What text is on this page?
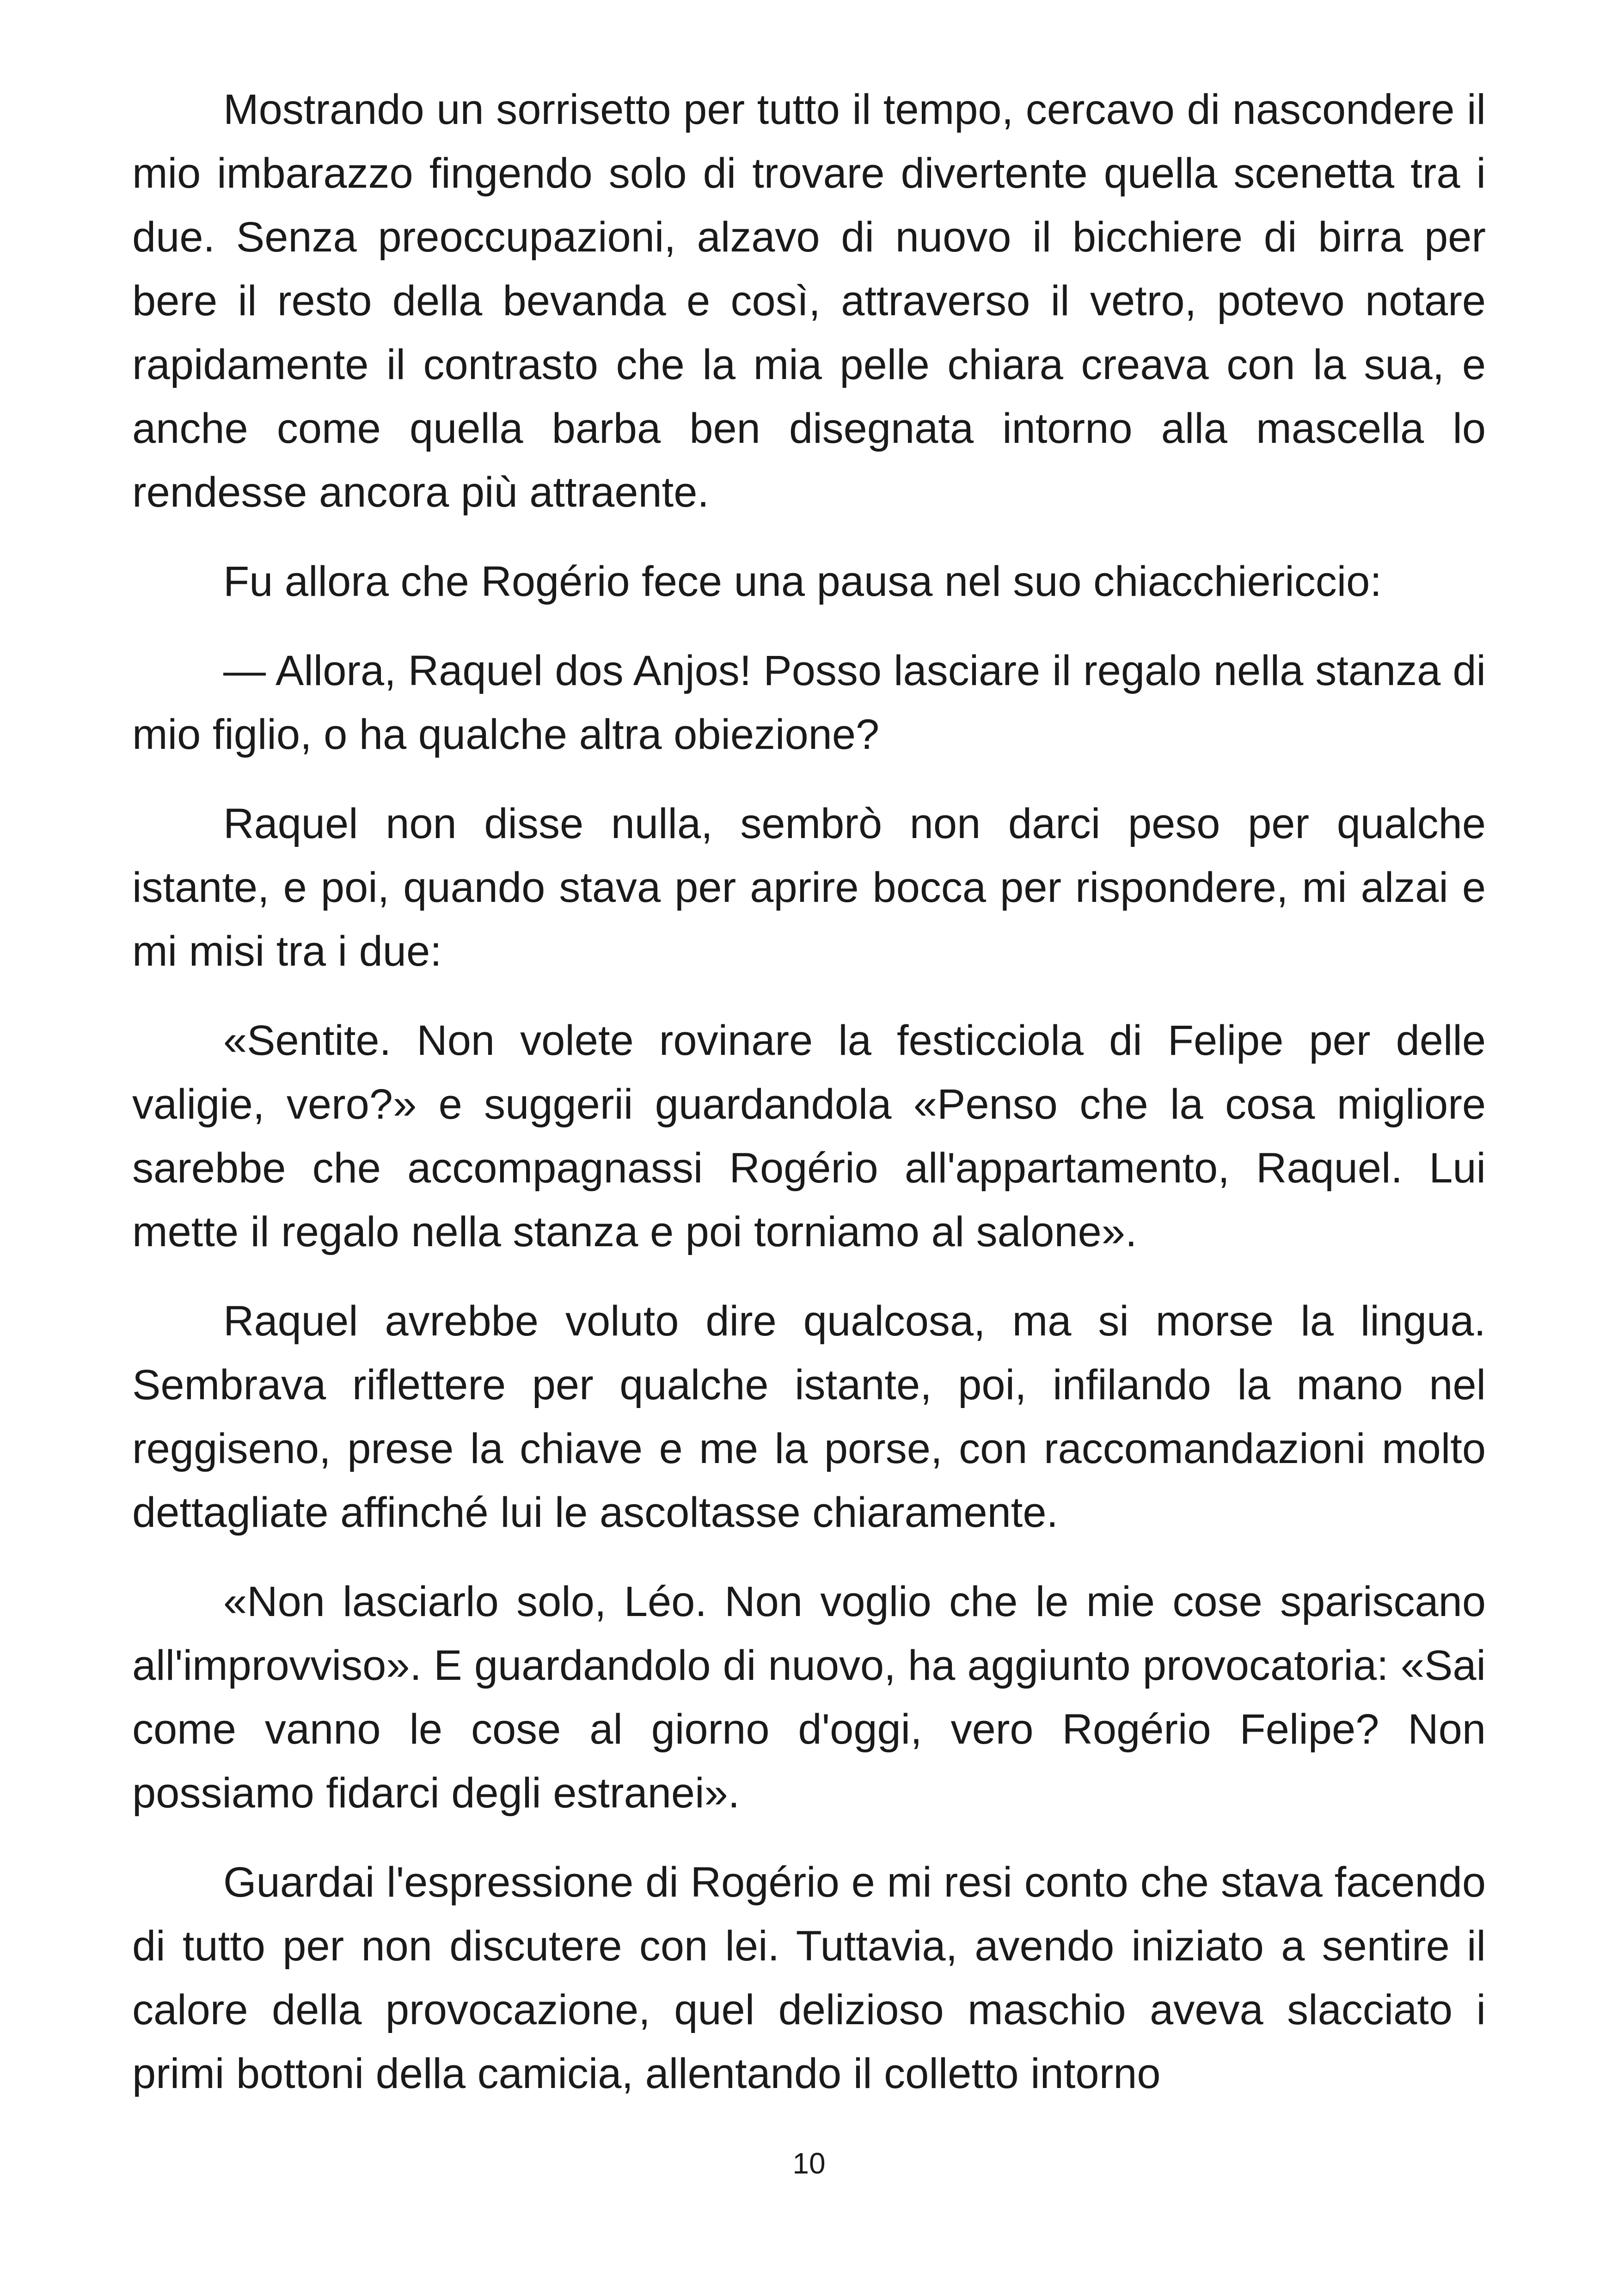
Mostrando un sorrisetto per tutto il tempo, cercavo di nascondere il mio imbarazzo fingendo solo di trovare divertente quella scenetta tra i due. Senza preoccupazioni, alzavo di nuovo il bicchiere di birra per bere il resto della bevanda e così, attraverso il vetro, potevo notare rapidamente il contrasto che la mia pelle chiara creava con la sua, e anche come quella barba ben disegnata intorno alla mascella lo rendesse ancora più attraente.

Fu allora che Rogério fece una pausa nel suo chiacchiericcio:

— Allora, Raquel dos Anjos! Posso lasciare il regalo nella stanza di mio figlio, o ha qualche altra obiezione?

Raquel non disse nulla, sembrò non darci peso per qualche istante, e poi, quando stava per aprire bocca per rispondere, mi alzai e mi misi tra i due:

«Sentite. Non volete rovinare la festicciola di Felipe per delle valigie, vero?» e suggerii guardandola «Penso che la cosa migliore sarebbe che accompagnassi Rogério all'appartamento, Raquel. Lui mette il regalo nella stanza e poi torniamo al salone».

Raquel avrebbe voluto dire qualcosa, ma si morse la lingua. Sembrava riflettere per qualche istante, poi, infilando la mano nel reggiseno, prese la chiave e me la porse, con raccomandazioni molto dettagliate affinché lui le ascoltasse chiaramente.

«Non lasciarlo solo, Léo. Non voglio che le mie cose spariscano all'improvviso». E guardandolo di nuovo, ha aggiunto provocatoria: «Sai come vanno le cose al giorno d'oggi, vero Rogério Felipe? Non possiamo fidarci degli estranei».

Guardai l'espressione di Rogério e mi resi conto che stava facendo di tutto per non discutere con lei. Tuttavia, avendo iniziato a sentire il calore della provocazione, quel delizioso maschio aveva slacciato i primi bottoni della camicia, allentando il colletto intorno

10
